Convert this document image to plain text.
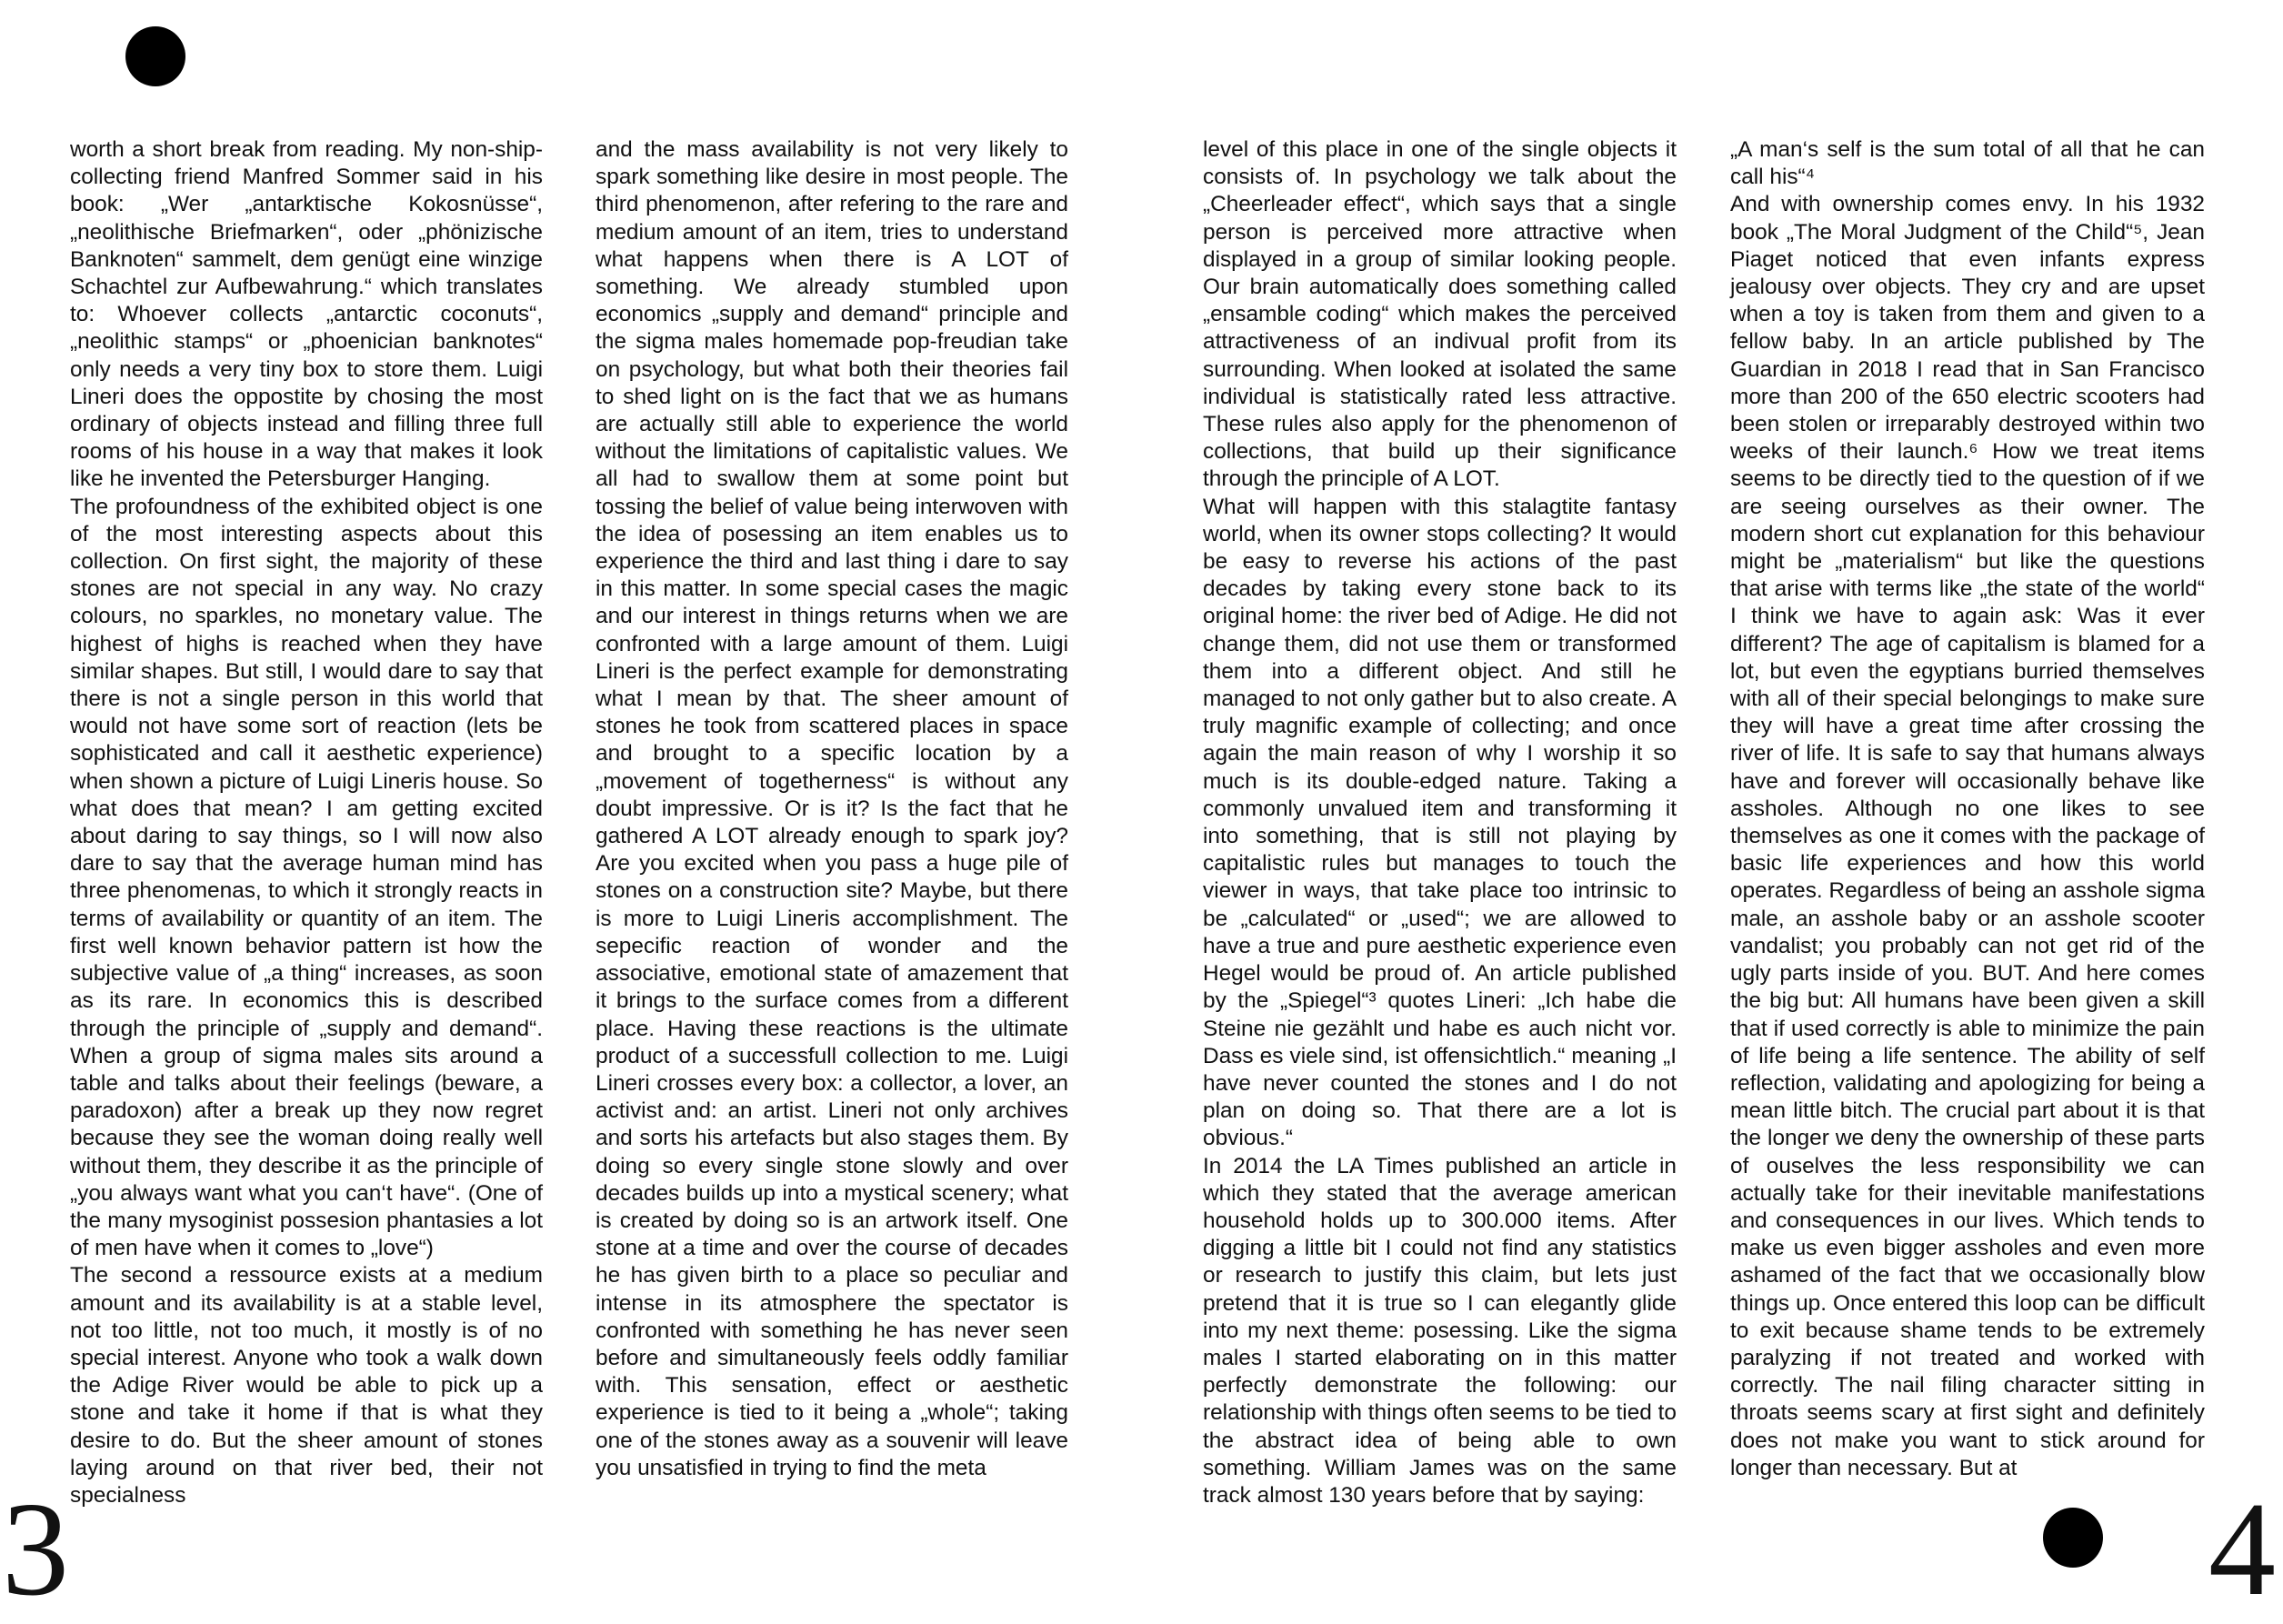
3	4

worth a short break from reading. My non-ship-collecting friend Manfred Sommer said in his book: „Wer „antarktische Kokosnüsse“, „neolithische Briefmarken“, oder „phönizische Banknoten“ sammelt, dem genügt eine winzige Schachtel zur Aufbewahrung.“ which translates to: Whoever collects „antarctic coconuts“, „neolithic stamps“ or „phoenician banknotes“ only needs a very tiny box to store them. Luigi Lineri does the oppostite by chosing the most ordinary of objects instead and filling three full rooms of his house in a way that makes it look like he invented the Petersburger Hanging.

The profoundness of the exhibited object is one of the most interesting aspects about this collection. On first sight, the majority of these stones are not special in any way. No crazy colours, no sparkles, no monetary value. The highest of highs is reached when they have similar shapes. But still, I would dare to say that there is not a single person in this world that would not have some sort of reaction (lets be sophisticated and call it aesthetic experience) when shown a picture of Luigi Lineris house. So what does that mean? I am getting excited about daring to say things, so I will now also dare to say that the average human mind has three phenomenas, to which it strongly reacts in terms of availability or quantity of an item. The first well known behavior pattern ist how the subjective value of „a thing“ increases, as soon as its rare. In economics this is described through the principle of „supply and demand“. When a group of sigma males sits around a table and talks about their feelings (beware, a paradoxon) after a break up they now regret because they see the woman doing really well without them, they describe it as the principle of „you always want what you can‘t have“. (One of the many mysoginist possesion phantasies a lot of men have when it comes to „love“)

The second a ressource exists at a medium amount and its availability is at a stable level, not too little, not too much, it mostly is of no special interest. Anyone who took a walk down the Adige River would be able to pick up a stone and take it home if that is what they desire to do. But the sheer amount of stones laying around on that river bed, their not specialness

and the mass availability is not very likely to spark something like desire in most people. The third phenomenon, after refering to the rare and medium amount of an item, tries to understand what happens when there is A LOT of something. We already stumbled upon economics „supply and demand“ principle and the sigma males homemade pop-freudian take on psychology, but what both their theories fail to shed light on is the fact that we as humans are actually still able to experience the world without the limitations of capitalistic values. We all had to swallow them at some point but tossing the belief of value being interwoven with the idea of posessing an item enables us to experience the third and last thing i dare to say in this matter. In some special cases the magic and our interest in things returns when we are confronted with a large amount of them. Luigi Lineri is the perfect example for demonstrating what I mean by that. The sheer amount of stones he took from scattered places in space and brought to a specific location by a „movement of togetherness“ is without any doubt impressive. Or is it? Is the fact that he gathered A LOT already enough to spark joy? Are you excited when you pass a huge pile of stones on a construction site? Maybe, but there is more to Luigi Lineris accomplishment. The sepecific reaction of wonder and the associative, emotional state of amazement that it brings to the surface comes from a different place. Having these reactions is the ultimate product of a successfull collection to me. Luigi Lineri crosses every box: a collector, a lover, an activist and: an artist. Lineri not only archives and sorts his artefacts but also stages them. By doing so every single stone slowly and over decades builds up into a mystical scenery; what is created by doing so is an artwork itself. One stone at a time and over the course of decades he has given birth to a place so peculiar and intense in its atmosphere the spectator is confronted with something he has never seen before and simultaneously feels oddly familiar with. This sensation, effect or aesthetic experience is tied to it being a „whole“; taking one of the stones away as a souvenir will leave you unsatisfied in trying to find the meta

level of this place in one of the single objects it consists of. In psychology we talk about the „Cheerleader effect“, which says that a single person is perceived more attractive when displayed in a group of similar looking people. Our brain automatically does something called „ensamble coding“ which makes the perceived attractiveness of an indivual profit from its surrounding. When looked at isolated the same individual is statistically rated less attractive. These rules also apply for the phenomenon of collections, that build up their significance through the principle of A LOT.

What will happen with this stalagtite fantasy world, when its owner stops collecting? It would be easy to reverse his actions of the past decades by taking every stone back to its original home: the river bed of Adige. He did not change them, did not use them or transformed them into a different object. And still he managed to not only gather but to also create. A truly magnific example of collecting; and once again the main reason of why I worship it so much is its double-edged nature. Taking a commonly unvalued item and transforming it into something, that is still not playing by capitalistic rules but manages to touch the viewer in ways, that take place too intrinsic to be „calculated“ or „used“; we are allowed to have a true and pure aesthetic experience even Hegel would be proud of. An article published by the „Spiegel“³ quotes Lineri: „Ich habe die Steine nie gezählt und habe es auch nicht vor. Dass es viele sind, ist offensichtlich.“ meaning „I have never counted the stones and I do not plan on doing so. That there are a lot is obvious.“

In 2014 the LA Times published an article in which they stated that the average american household holds up to 300.000 items. After digging a little bit I could not find any statistics or research to justify this claim, but lets just pretend that it is true so I can elegantly glide into my next theme: posessing. Like the sigma males I started elaborating on in this matter perfectly demonstrate the following: our relationship with things often seems to be tied to the abstract idea of being able to own something. William James was on the same track almost 130 years before that by saying:

„A man‘s self is the sum total of all that he can call his“⁴

And with ownership comes envy. In his 1932 book „The Moral Judgment of the Child“⁵, Jean Piaget noticed that even infants express jealousy over objects. They cry and are upset when a toy is taken from them and given to a fellow baby. In an article published by The Guardian in 2018 I read that in San Francisco more than 200 of the 650 electric scooters had been stolen or irreparably destroyed within two weeks of their launch.⁶ How we treat items seems to be directly tied to the question of if we are seeing ourselves as their owner. The modern short cut explanation for this behaviour might be „materialism“ but like the questions that arise with terms like „the state of the world“ I think we have to again ask: Was it ever different? The age of capitalism is blamed for a lot, but even the egyptians burried themselves with all of their special belongings to make sure they will have a great time after crossing the river of life. It is safe to say that humans always have and forever will occasionally behave like assholes. Although no one likes to see themselves as one it comes with the package of basic life experiences and how this world operates. Regardless of being an asshole sigma male, an asshole baby or an asshole scooter vandalist; you probably can not get rid of the ugly parts inside of you. BUT. And here comes the big but: All humans have been given a skill that if used correctly is able to minimize the pain of life being a life sentence. The ability of self reflection, validating and apologizing for being a mean little bitch. The crucial part about it is that the longer we deny the ownership of these parts of ouselves the less responsibility we can actually take for their inevitable manifestations and consequences in our lives. Which tends to make us even bigger assholes and even more ashamed of the fact that we occasionally blow things up. Once entered this loop can be difficult to exit because shame tends to be extremely paralyzing if not treated and worked with correctly. The nail filing character sitting in throats seems scary at first sight and definitely does not make you want to stick around for longer than necessary. But at
